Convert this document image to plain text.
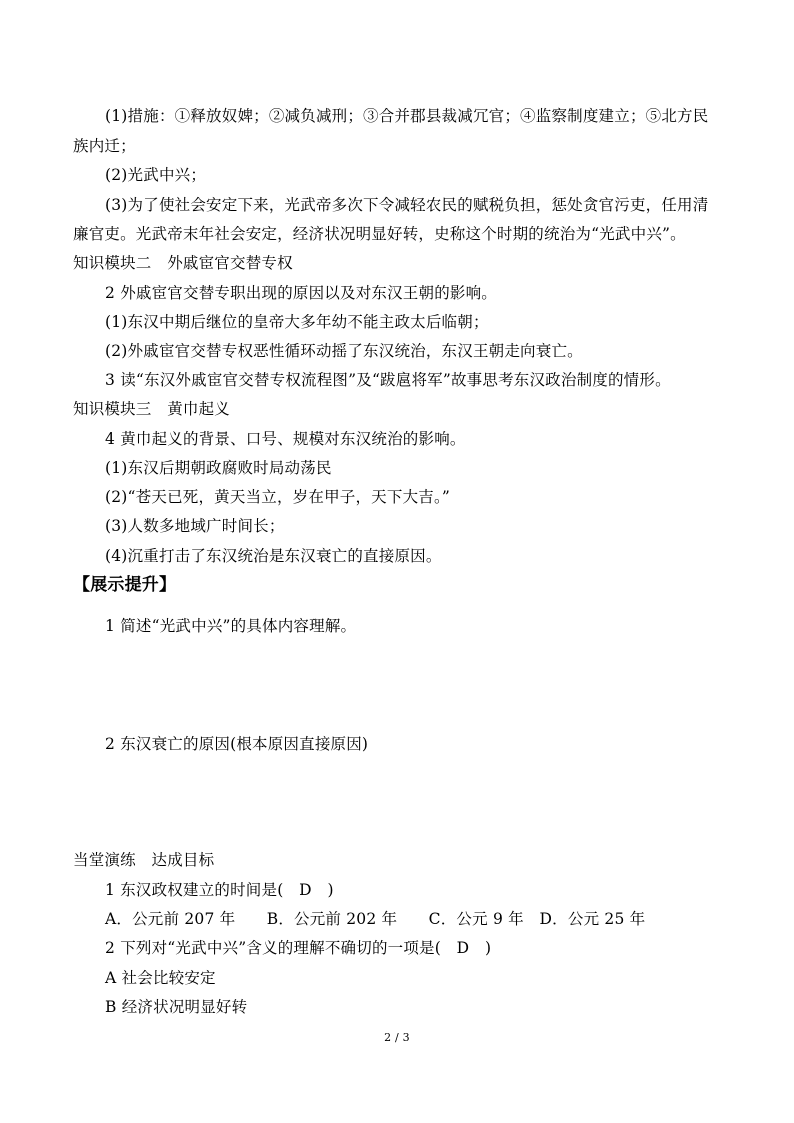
(1)措施：①释放奴婢；②减负减刑；③合并郡县裁减冗官；④监察制度建立；⑤北方民
族内迁；
(2)光武中兴；
(3)为了使社会安定下来，光武帝多次下令减轻农民的赋税负担，惩处贪官污吏，任用清
廉官吏。光武帝末年社会安定，经济状况明显好转，史称这个时期的统治为“光武中兴”。
知识模块二　外戚宦官交替专权
2 外戚宦官交替专职出现的原因以及对东汉王朝的影响。
(1)东汉中期后继位的皇帝大多年幼不能主政太后临朝；
(2)外戚宦官交替专权恶性循环动摇了东汉统治，东汉王朝走向衰亡。
3 读“东汉外戚宦官交替专权流程图”及“跋扈将军”故事思考东汉政治制度的情形。
知识模块三　黄巾起义
4 黄巾起义的背景、口号、规模对东汉统治的影响。
(1)东汉后期朝政腐败时局动荡民
(2)“苍天已死，黄天当立，岁在甲子，天下大吉。”
(3)人数多地域广时间长；
(4)沉重打击了东汉统治是东汉衰亡的直接原因。
【展示提升】
1 简述“光武中兴”的具体内容理解。
2 东汉衰亡的原因(根本原因直接原因)
当堂演练　达成目标
1 东汉政权建立的时间是(　D　)
A．公元前 207 年　　B．公元前 202 年　　C．公元 9 年　D．公元 25 年
2 下列对“光武中兴”含义的理解不确切的一项是(　D　)
A 社会比较安定
B 经济状况明显好转
2 / 3
